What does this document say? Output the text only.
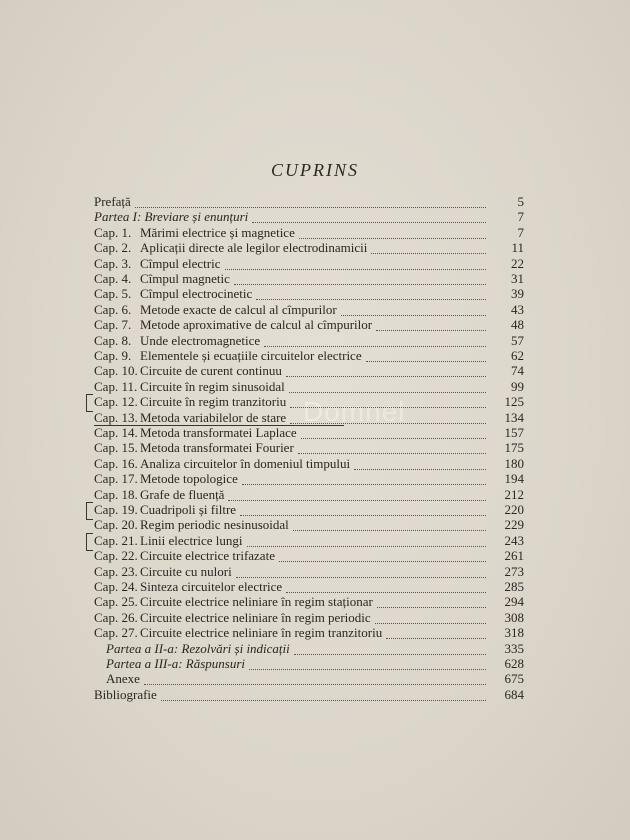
CUPRINS
Domnel
Prefață	5
Partea I: Breviare și enunțuri	7
Cap. 1. Mărimi electrice și magnetice	7
Cap. 2. Aplicații directe ale legilor electrodinamicii	11
Cap. 3. Cîmpul electric	22
Cap. 4. Cîmpul magnetic	31
Cap. 5. Cîmpul electrocinetic	39
Cap. 6. Metode exacte de calcul al cîmpurilor	43
Cap. 7. Metode aproximative de calcul al cîmpurilor	48
Cap. 8. Unde electromagnetice	57
Cap. 9. Elementele și ecuațiile circuitelor electrice	62
Cap. 10. Circuite de curent continuu	74
Cap. 11. Circuite în regim sinusoidal	99
Cap. 12. Circuite în regim tranzitoriu	125
Cap. 13. Metoda variabilelor de stare	134
Cap. 14. Metoda transformatei Laplace	157
Cap. 15. Metoda transformatei Fourier	175
Cap. 16. Analiza circuitelor în domeniul timpului	180
Cap. 17. Metode topologice	194
Cap. 18. Grafe de fluență	212
Cap. 19. Cuadripoli și filtre	220
Cap. 20. Regim periodic nesinusoidal	229
Cap. 21. Linii electrice lungi	243
Cap. 22. Circuite electrice trifazate	261
Cap. 23. Circuite cu nulori	273
Cap. 24. Sinteza circuitelor electrice	285
Cap. 25. Circuite electrice neliniare în regim staționar	294
Cap. 26. Circuite electrice neliniare în regim periodic	308
Cap. 27. Circuite electrice neliniare în regim tranzitoriu	318
Partea a II-a: Rezolvări și indicații	335
Partea a III-a: Răspunsuri	628
Anexe	675
Bibliografie	684
